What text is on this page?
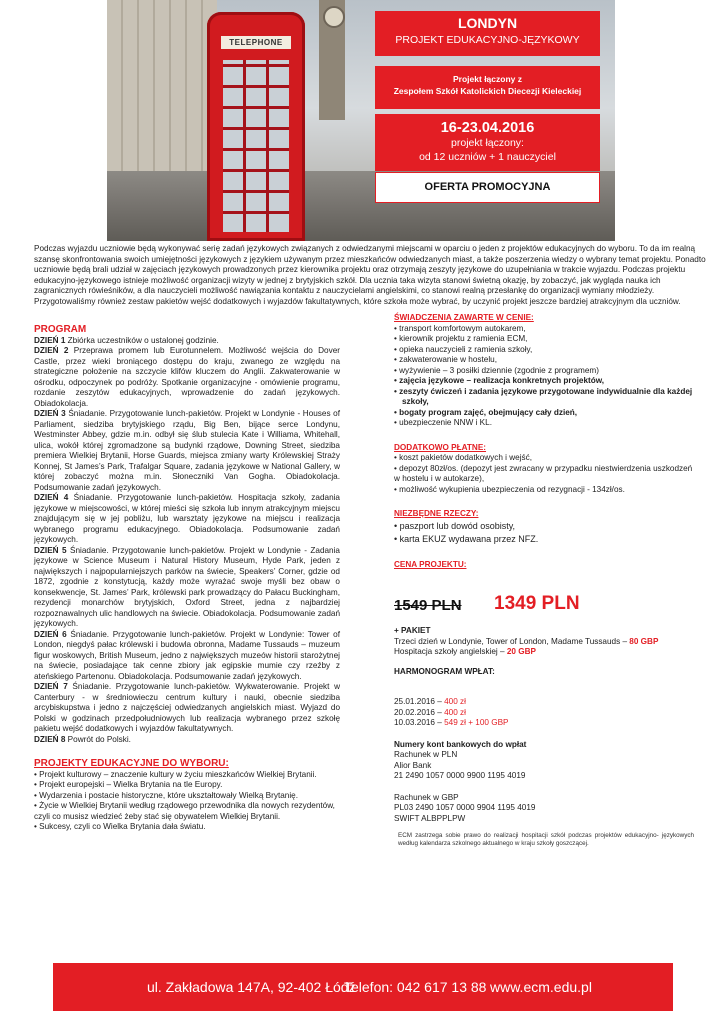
TELEPHONE
LONDYN
PROJEKT EDUKACYJNO-JĘZYKOWY
Projekt łączony z
Zespołem Szkół Katolickich Diecezji Kieleckiej
16-23.04.2016
projekt łączony:
od 12 uczniów + 1 nauczyciel
OFERTA PROMOCYJNA

Podczas wyjazdu uczniowie będą wykonywać serię zadań językowych związanych z odwiedzanymi miejscami w oparciu o jeden z projektów edukacyjnych do wyboru. To da im realną szansę skonfrontowania swoich umiejętności językowych z językiem używanym przez mieszkańców odwiedzanych miast, a także poszerzenia wiedzy o wybrany temat projektu. Ponadto uczniowie będą brali udział w zajęciach językowych prowadzonych przez kierownika projektu oraz otrzymają zeszyty językowe do uzupełniania w trakcie wyjazdu. Podczas projektu edukacyjno-językowego istnieje możliwość organizacji wizyty w jednej z brytyjskich szkół. Dla ucznia taka wizyta stanowi świetną okazję, by zobaczyć, jak wygląda nauka ich zagranicznych rówieśników, a dla nauczycieli możliwość nawiązania kontaktu z nauczycielami angielskimi, co stanowi realną przesłankę do organizacji wymiany młodzieży. Przygotowaliśmy również zestaw pakietów wejść dodatkowych i wyjazdów fakultatywnych, które szkoła może wybrać, by uczynić projekt jeszcze bardziej atrakcyjnym dla uczniów.

PROGRAM

DZIEŃ 1 Zbiórka uczestników o ustalonej godzinie.

DZIEŃ 2 Przeprawa promem lub Eurotunnelem. Możliwość wejścia do Dover Castle, przez wieki broniącego dostępu do kraju, zwanego ze względu na strategiczne położenie na szczycie klifów kluczem do Anglii. Zakwaterowanie w ośrodku, odpoczynek po podróży. Spotkanie organizacyjne - omówienie programu, rozdanie zeszytów edukacyjnych, wprowadzenie do zadań językowych. Obiadokolacja.

DZIEŃ 3 Śniadanie. Przygotowanie lunch-pakietów. Projekt w Londynie - Houses of Parliament, siedziba brytyjskiego rządu, Big Ben, bijące serce Londynu, Westminster Abbey, gdzie m.in. odbył się ślub stulecia Kate i Williama, Whitehall, ulica, wokół której zgromadzone są budynki rządowe, Downing Street, siedziba premiera Wielkiej Brytanii, Horse Guards, miejsca zmiany warty Królewskiej Straży Konnej, St James’s Park, Trafalgar Square, zadania językowe w National Gallery, w której zobaczyć można m.in. Słoneczniki Van Gogha. Obiadokolacja. Podsumowanie zadań językowych.

DZIEŃ 4 Śniadanie. Przygotowanie lunch-pakietów. Hospitacja szkoły, zadania językowe w miejscowości, w której mieści się szkoła lub innym atrakcyjnym miejscu znajdującym się w jej pobliżu, lub warsztaty językowe na miejscu i realizacja wybranego programu edukacyjnego. Obiadokolacja. Podsumowanie zadań językowych.

DZIEŃ 5 Śniadanie. Przygotowanie lunch-pakietów. Projekt w Londynie - Zadania językowe w Science Museum i Natural History Museum, Hyde Park, jeden z największych i najpopularniejszych parków na świecie, Speakers’ Corner, gdzie od 1872, zgodnie z konstytucją, każdy może wyrażać swoje myśli bez obaw o konsekwencje, St. James’ Park, królewski park prowadzący do Pałacu Buckingham, rezydencji monarchów brytyjskich, Oxford Street, jedna z najbardziej rozpoznawalnych ulic handlowych na świecie. Obiadokolacja. Podsumowanie zadań językowych.

DZIEŃ 6 Śniadanie. Przygotowanie lunch-pakietów. Projekt w Londynie: Tower of London, niegdyś pałac królewski i budowla obronna, Madame Tussauds – muzeum figur woskowych, British Museum, jedno z największych muzeów historii starożytnej na świecie, posiadające tak cenne zbiory jak egipskie mumie czy rzeźby z ateńskiego Partenonu. Obiadokolacja. Podsumowanie zadań językowych.

DZIEŃ 7 Śniadanie. Przygotowanie lunch-pakietów. Wykwaterowanie. Projekt w Canterbury - w średniowieczu centrum kultury i nauki, obecnie siedziba arcybiskupstwa i jedno z najczęściej odwiedzanych angielskich miast. Wyjazd do Polski w godzinach przedpołudniowych lub realizacja wybranego przez szkołę pakietu wejść dodatkowych i wyjazdów fakultatywnych.

DZIEŃ 8 Powrót do Polski.

PROJEKTY EDUKACYJNE DO WYBORU:
• Projekt kulturowy – znaczenie kultury w życiu mieszkańców Wielkiej Brytanii.
• Projekt europejski – Wielka Brytania na tle Europy.
• Wydarzenia i postacie historyczne, które ukształtowały Wielką Brytanię.
• Życie w Wielkiej Brytanii według rządowego przewodnika dla nowych rezydentów, czyli co musisz wiedzieć żeby stać się obywatelem Wielkiej Brytanii.
• Sukcesy, czyli co Wielka Brytania dała światu.
ŚWIADCZENIA ZAWARTE W CENIE:
• transport komfortowym autokarem,
• kierownik projektu z ramienia ECM,
• opieka nauczycieli z ramienia szkoły,
• zakwaterowanie w hostelu,
• wyżywienie – 3 posiłki dziennie (zgodnie z programem)
• zajęcia językowe – realizacja konkretnych projektów,
• zeszyty ćwiczeń i zadania językowe przygotowane indywidualnie dla każdej szkoły,
• bogaty program zajęć, obejmujący cały dzień,
• ubezpieczenie NNW i KL.
DODATKOWO PŁATNE:
• koszt pakietów dodatkowych i wejść,
• depozyt 80zł/os. (depozyt jest zwracany w przypadku niestwierdzenia uszkodzeń w hostelu i w autokarze),
• możliwość wykupienia ubezpieczenia od rezygnacji - 134zł/os.
NIEZBĘDNE RZECZY:
• paszport lub dowód osobisty,
• karta EKUZ wydawana przez NFZ.
CENA PROJEKTU:
1549 PLN 1349 PLN
+ PAKIET
Trzeci dzień w Londynie, Tower of London, Madame Tussauds – 80 GBP
Hospitacja szkoły angielskiej – 20 GBP
HARMONOGRAM WPŁAT:
25.01.2016 – 400 zł
20.02.2016 – 400 zł
10.03.2016 – 549 zł + 100 GBP
Numery kont bankowych do wpłat
Rachunek w PLN
Alior Bank
21 2490 1057 0000 9900 1195 4019
Rachunek w GBP
PL03 2490 1057 0000 9904 1195 4019
SWIFT ALBPPLPW
ECM zastrzega sobie prawo do realizacji hospitacji szkół podczas projektów edukacyjno- językowych według kalendarza szkolnego aktualnego w kraju szkoły goszczącej.
ul. Zakładowa 147A, 92-402 Łódź
Telefon: 042 617 13 88 www.ecm.edu.pl
